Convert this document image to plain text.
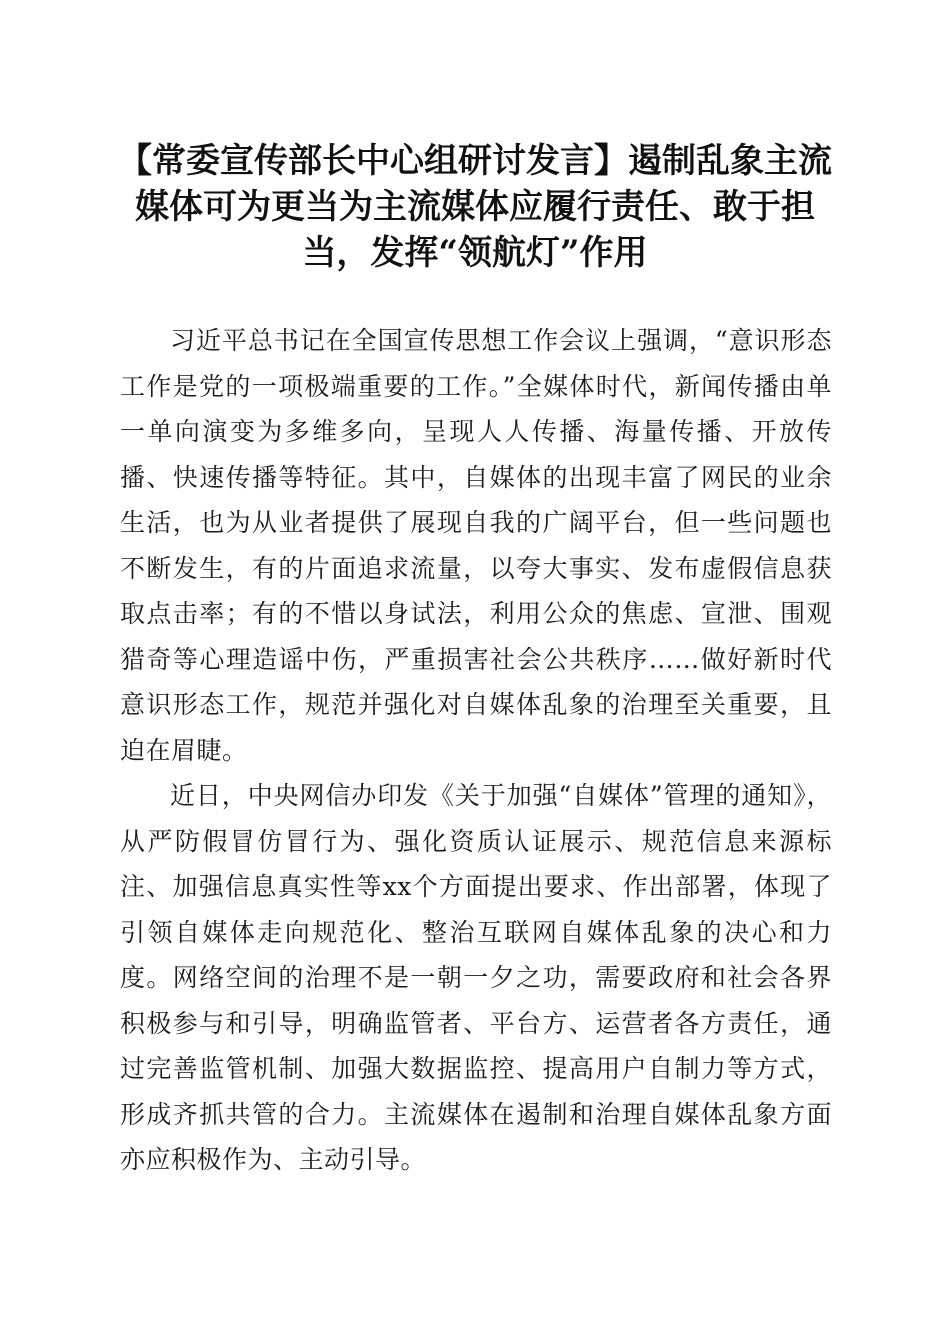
【常委宣传部长中心组研讨发言】遏制乱象主流媒体可为更当为主流媒体应履行责任、敢于担当，发挥“领航灯”作用

习近平总书记在全国宣传思想工作会议上强调，“意识形态工作是党的一项极端重要的工作。”全媒体时代，新闻传播由单一单向演变为多维多向，呈现人人传播、海量传播、开放传播、快速传播等特征。其中，自媒体的出现丰富了网民的业余生活，也为从业者提供了展现自我的广阔平台，但一些问题也不断发生，有的片面追求流量，以夸大事实、发布虚假信息获取点击率；有的不惜以身试法，利用公众的焦虑、宣泄、围观猎奇等心理造谣中伤，严重损害社会公共秩序……做好新时代意识形态工作，规范并强化对自媒体乱象的治理至关重要，且迫在眉睫。

近日，中央网信办印发《关于加强“自媒体”管理的通知》，从严防假冒仿冒行为、强化资质认证展示、规范信息来源标注、加强信息真实性等xx个方面提出要求、作出部署，体现了引领自媒体走向规范化、整治互联网自媒体乱象的决心和力度。网络空间的治理不是一朝一夕之功，需要政府和社会各界积极参与和引导，明确监管者、平台方、运营者各方责任，通过完善监管机制、加强大数据监控、提高用户自制力等方式，形成齐抓共管的合力。主流媒体在遏制和治理自媒体乱象方面亦应积极作为、主动引导。
